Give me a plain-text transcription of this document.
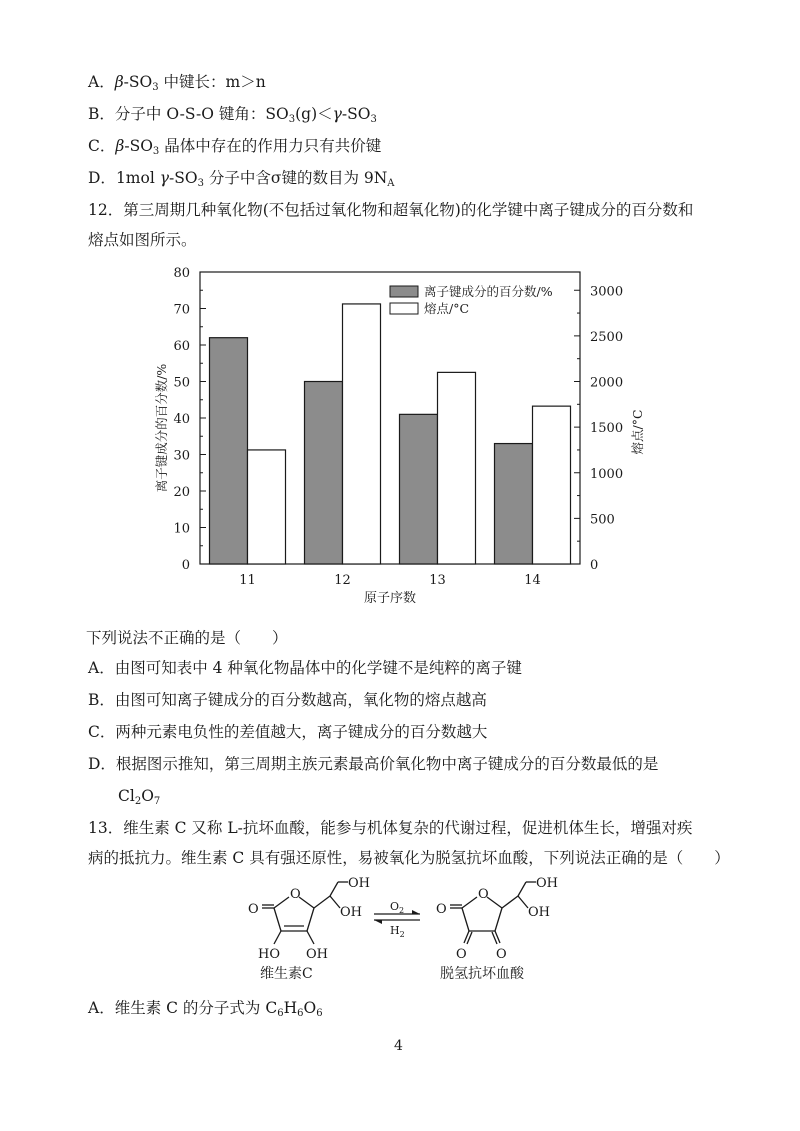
A．$\beta-SO_3$ 中键长：m＞n
B．分子中 O-S-O 键角：$SO_3(g)<\gamma-SO_3$
C．$\beta-SO_3$ 晶体中存在的作用力只有共价键
D．1mol $\gamma-SO_3$ 分子中含σ键的数目为 $9N_A$
12．第三周期几种氧化物(不包括过氧化物和超氧化物)的化学键中离子键成分的百分数和
熔点如图所示。
0
10
20
30
40
50
60
70
80
0
500
1000
1500
2000
2500
3000
11	12	13	14
原子序数
离子键成分的百分数/%	熔点/°C
离子键成分的百分数/%
熔点/°C
下列说法不正确的是（　　）
A．由图可知表中 4 种氧化物晶体中的化学键不是纯粹的离子键
B．由图可知离子键成分的百分数越高，氧化物的熔点越高
C．两种元素电负性的差值越大，离子键成分的百分数越大
D．根据图示推知，第三周期主族元素最高价氧化物中离子键成分的百分数最低的是
$Cl_2O_7$
13．维生素 C 又称 L-抗坏血酸，能参与机体复杂的代谢过程，促进机体生长，增强对疾
病的抵抗力。维生素 C 具有强还原性，易被氧化为脱氢抗坏血酸，下列说法正确的是（　　）
O
O
HO OH
OH
OH
维生素C
$O_2$
$H_2$
O
O
O O
OH
OH
脱氢抗坏血酸
A．维生素 C 的分子式为 $C_6H_6O_6$
4
